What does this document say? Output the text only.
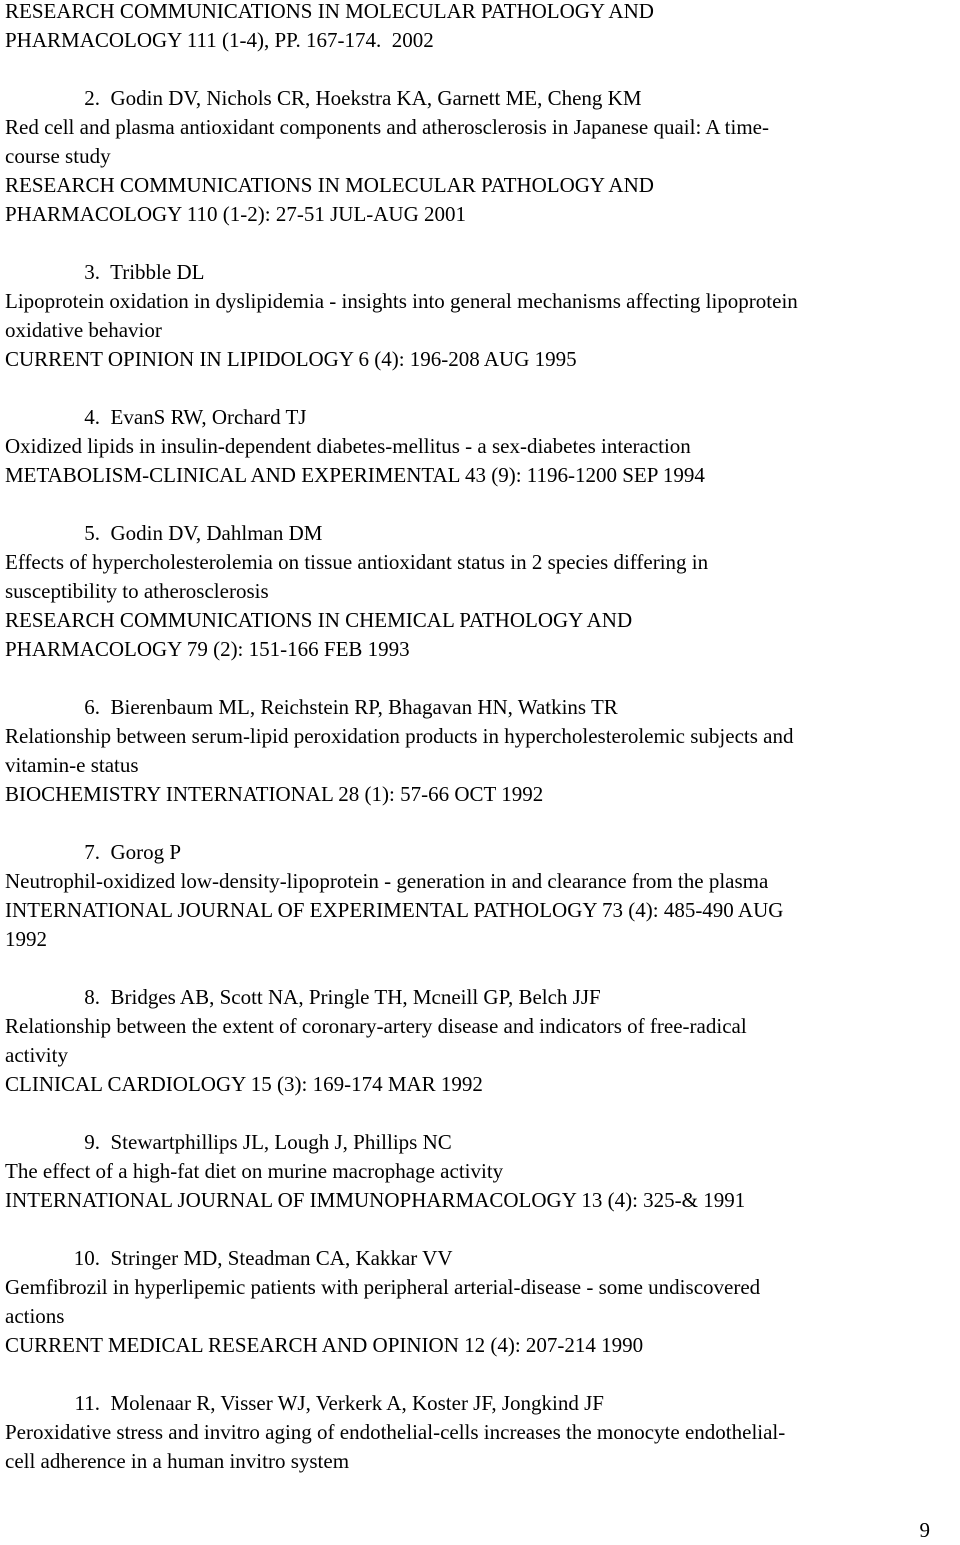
RESEARCH COMMUNICATIONS IN MOLECULAR PATHOLOGY AND
PHARMACOLOGY 111 (1-4), PP. 167-174.  2002
2. Godin DV, Nichols CR, Hoekstra KA, Garnett ME, Cheng KM
Red cell and plasma antioxidant components and atherosclerosis in Japanese quail: A time-
course study
RESEARCH COMMUNICATIONS IN MOLECULAR PATHOLOGY AND
PHARMACOLOGY 110 (1-2): 27-51 JUL-AUG 2001
3. Tribble DL
Lipoprotein oxidation in dyslipidemia - insights into general mechanisms affecting lipoprotein
oxidative behavior
CURRENT OPINION IN LIPIDOLOGY 6 (4): 196-208 AUG 1995
4. EvanS RW, Orchard TJ
Oxidized lipids in insulin-dependent diabetes-mellitus - a sex-diabetes interaction
METABOLISM-CLINICAL AND EXPERIMENTAL 43 (9): 1196-1200 SEP 1994
5. Godin DV, Dahlman DM
Effects of hypercholesterolemia on tissue antioxidant status in 2 species differing in
susceptibility to atherosclerosis
RESEARCH COMMUNICATIONS IN CHEMICAL PATHOLOGY AND
PHARMACOLOGY 79 (2): 151-166 FEB 1993
6. Bierenbaum ML, Reichstein RP, Bhagavan HN, Watkins TR
Relationship between serum-lipid peroxidation products in hypercholesterolemic subjects and
vitamin-e status
BIOCHEMISTRY INTERNATIONAL 28 (1): 57-66 OCT 1992
7. Gorog P
Neutrophil-oxidized low-density-lipoprotein - generation in and clearance from the plasma
INTERNATIONAL JOURNAL OF EXPERIMENTAL PATHOLOGY 73 (4): 485-490 AUG
1992
8. Bridges AB, Scott NA, Pringle TH, Mcneill GP, Belch JJF
Relationship between the extent of coronary-artery disease and indicators of free-radical
activity
CLINICAL CARDIOLOGY 15 (3): 169-174 MAR 1992
9. Stewartphillips JL, Lough J, Phillips NC
The effect of a high-fat diet on murine macrophage activity
INTERNATIONAL JOURNAL OF IMMUNOPHARMACOLOGY 13 (4): 325-& 1991
10. Stringer MD, Steadman CA, Kakkar VV
Gemfibrozil in hyperlipemic patients with peripheral arterial-disease - some undiscovered
actions
CURRENT MEDICAL RESEARCH AND OPINION 12 (4): 207-214 1990
11. Molenaar R, Visser WJ, Verkerk A, Koster JF, Jongkind JF
Peroxidative stress and invitro aging of endothelial-cells increases the monocyte endothelial-
cell adherence in a human invitro system
9
